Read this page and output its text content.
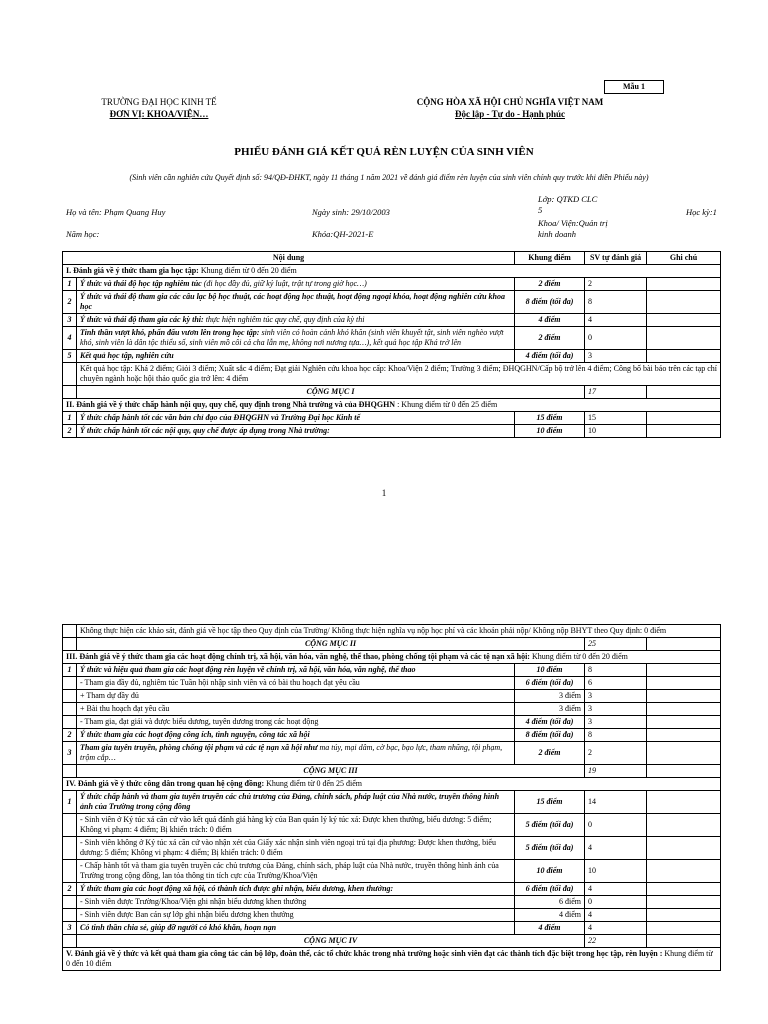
Mẫu 1
TRƯỜNG ĐẠI HỌC KINH TẾ
ĐƠN VỊ: KHOA/VIỆN…
CỘNG HÒA XÃ HỘI CHỦ NGHĨA VIỆT NAM
Độc lập - Tự do - Hạnh phúc
PHIẾU ĐÁNH GIÁ KẾT QUẢ RÈN LUYỆN CỦA SINH VIÊN
(Sinh viên cần nghiên cứu Quyết định số: 94/QĐ-ĐHKT, ngày 11 tháng 1 năm 2021 về đánh giá điểm rèn luyện của sinh viên chính quy trước khi điền Phiếu này)
Họ và tên: Phạm Quang Huy	Ngày sinh: 29/10/2003
Lớp: QTKD CLC 5	Học kỳ:1
Năm học:	Khóa:QH-2021-E
Khoa/ Viện:Quản trị kinh doanh
Nội dung		Khung điểm	SV tự đánh giá	Ghi chú
I. Đánh giá về ý thức tham gia học tập: Khung điểm từ 0 đến 20 điểm				
1	Ý thức và thái độ học tập nghiêm túc (đi học đầy đủ, giữ kỷ luật, trật tự trong giờ học…)	2 điểm	2	
2	Ý thức và thái độ tham gia các câu lạc bộ học thuật, các hoạt động học thuật, hoạt động ngoại khóa, hoạt động nghiên cứu khoa học	8 điểm (tối đa)	8	
3	Ý thức và thái độ tham gia các kỳ thi: thực hiện nghiêm túc quy chế, quy định của kỳ thi	4 điểm	4	
4	Tinh thần vượt khó, phấn đấu vươn lên trong học tập: sinh viên có hoàn cảnh khó khăn (sinh viên khuyết tật, sinh viên nghèo vượt khó, sinh viên là dân tộc thiểu số, sinh viên mồ côi cả cha lẫn mẹ, không nơi nương tựa…), kết quả học tập Khá trở lên	2 điểm	0	
5	Kết quả học tập, nghiên cứu	4 điểm (tối đa)	3	
	Kết quả học tập: Khá 2 điểm; Giỏi 3 điểm; Xuất sắc 4 điểm; Đạt giải Nghiên cứu khoa học cấp: Khoa/Viện 2 điểm; Trường 3 điểm; ĐHQGHN/Cấp bộ trở lên 4 điểm; Công bố bài báo trên các tạp chí chuyên ngành hoặc hội thảo quốc gia trở lên: 4 điểm			
	CỘNG MỤC I		17	
II. Đánh giá về ý thức chấp hành nội quy, quy chế, quy định trong Nhà trường và của ĐHQGHN : Khung điểm từ 0 đến 25 điểm				
1	Ý thức chấp hành tốt các văn bản chỉ đạo của ĐHQGHN và Trường Đại học Kinh tế	15 điểm	15	
2	Ý thức chấp hành tốt các nội quy, quy chế được áp dụng trong Nhà trường:	10 điểm	10	
1
	Không thực hiện các khảo sát, đánh giá về học tập theo Quy định của Trường/ Không thực hiện nghĩa vụ nộp học phí và các khoản phải nộp/ Không nộp BHYT theo Quy định: 0 điểm			
	CỘNG MỤC II		25	
III. Đánh giá về ý thức tham gia các hoạt động chính trị, xã hội, văn hóa, văn nghệ, thể thao, phòng chống tội phạm và các tệ nạn xã hội: Khung điểm từ 0 đến 20 điểm				
1	Ý thức và hiệu quả tham gia các hoạt động rèn luyện về chính trị, xã hội, văn hóa, văn nghệ, thể thao	10 điểm	8	
	- Tham gia đầy đủ, nghiêm túc Tuần hội nhập sinh viên và có bài thu hoạch đạt yêu cầu	6 điểm (tối đa)	6	
	+ Tham dự đầy đủ	3 điểm	3	
	+ Bài thu hoạch đạt yêu cầu	3 điểm	3	
	- Tham gia, đạt giải và được biểu dương, tuyên dương trong các hoạt động	4 điểm (tối đa)	3	
2	Ý thức tham gia các hoạt động công ích, tình nguyện, công tác xã hội	8 điểm (tối đa)	8	
3	Tham gia tuyên truyền, phòng chống tội phạm và các tệ nạn xã hội như ma túy, mại dâm, cờ bạc, bạo lực, tham nhũng, tội phạm, trộm cắp…	2 điểm	2	
	CỘNG MỤC III		19	
IV. Đánh giá về ý thức công dân trong quan hệ cộng đồng: Khung điểm từ 0 đến 25 điểm				
1	Ý thức chấp hành và tham gia tuyên truyền các chủ trương của Đảng, chính sách, pháp luật của Nhà nước, truyền thông hình ảnh của Trường trong cộng đồng	15 điểm	14	
	- Sinh viên ở Ký túc xá căn cứ vào kết quả đánh giá hàng kỳ của Ban quản lý ký túc xá: Được khen thưởng, biểu dương: 5 điểm; Không vi phạm: 4 điểm; Bị khiển trách: 0 điểm	5 điểm (tối đa)	0	
	- Sinh viên không ở Ký túc xá căn cứ vào nhận xét của Giấy xác nhận sinh viên ngoại trú tại địa phương: Được khen thưởng, biểu dương: 5 điểm; Không vi phạm: 4 điểm; Bị khiển trách: 0 điểm	5 điểm (tối đa)	4	
	- Chấp hành tốt và tham gia tuyên truyền các chủ trương của Đảng, chính sách, pháp luật của Nhà nước, truyền thông hình ảnh của Trường trong cộng đồng, lan tỏa thông tin tích cực của Trường/Khoa/Viện	10 điểm	10	
2	Ý thức tham gia các hoạt động xã hội, có thành tích được ghi nhận, biểu dương, khen thưởng:	6 điểm (tối đa)	4	
	- Sinh viên được Trường/Khoa/Viện ghi nhận biểu dương khen thưởng	6 điểm	0	
	- Sinh viên được Ban cán sự lớp ghi nhận biểu dương khen thưởng	4 điểm	4	
3	Có tinh thần chia sẻ, giúp đỡ người có khó khăn, hoạn nạn	4 điểm	4	
	CỘNG MỤC IV		22	
V. Đánh giá về ý thức và kết quả tham gia công tác cán bộ lớp, đoàn thể, các tổ chức khác trong nhà trường hoặc sinh viên đạt các thành tích đặc biệt trong học tập, rèn luyện : Khung điểm từ 0 đến 10 điểm				
